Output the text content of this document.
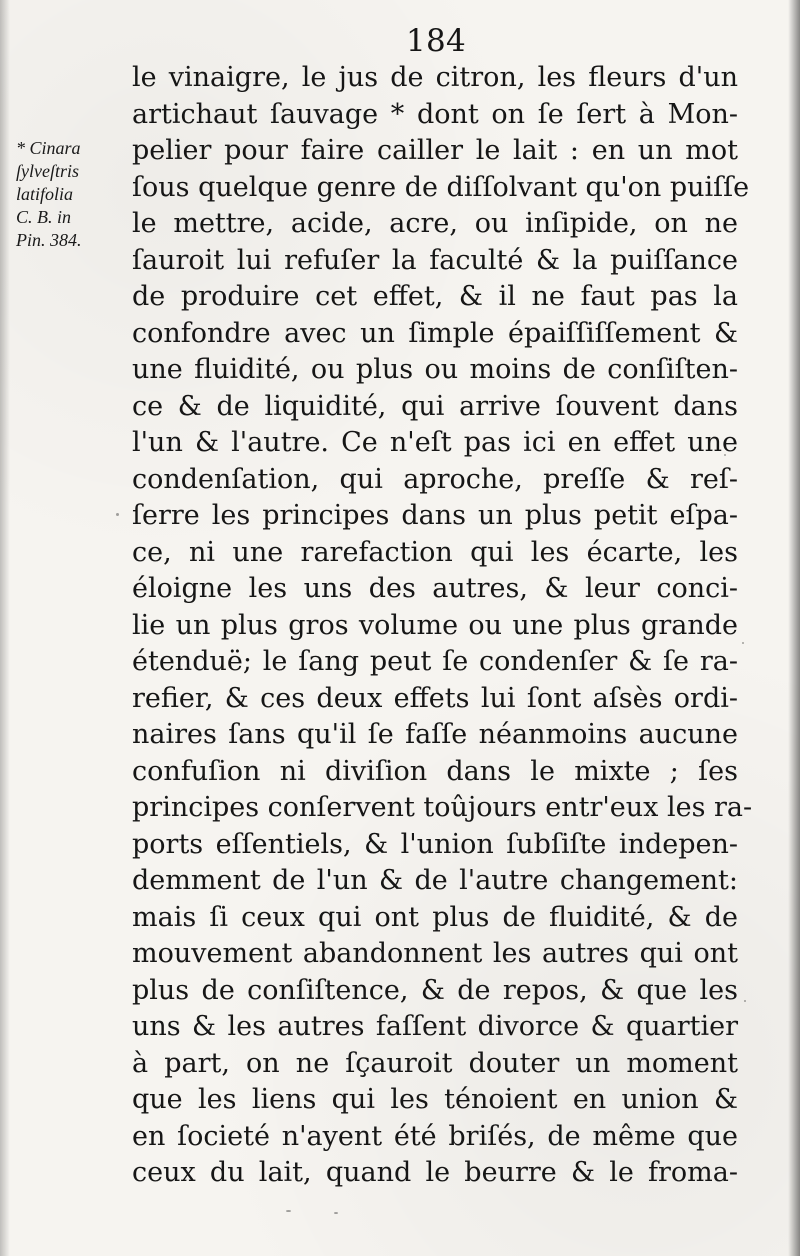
184
* Cinara
ſylveſtris
latifolia
C. B. in
Pin. 384.
le vinaigre, le jus de citron, les fleurs d'un
artichaut ſauvage * dont on ſe ſert à Mon-
pelier pour faire cailler le lait : en un mot
ſous quelque genre de diſſolvant qu'on puiſſe
le mettre, acide, acre, ou inſipide, on ne
ſauroit lui refuſer la faculté & la puiſſance
de produire cet effet, & il ne faut pas la
confondre avec un ſimple épaiſſiſſement &
une fluidité, ou plus ou moins de conſiſten-
ce & de liquidité, qui arrive ſouvent dans
l'un & l'autre. Ce n'eſt pas ici en effet une
condenſation, qui aproche, preſſe & reſ-
ſerre les principes dans un plus petit eſpa-
ce, ni une rarefaction qui les écarte, les
éloigne les uns des autres, & leur conci-
lie un plus gros volume ou une plus grande
étenduë; le ſang peut ſe condenſer & ſe ra-
refier, & ces deux effets lui ſont aſsès ordi-
naires ſans qu'il ſe faſſe néanmoins aucune
confuſion ni diviſion dans le mixte ; ſes
principes conſervent toûjours entr'eux les ra-
ports eſſentiels, & l'union ſubſiſte indepen-
demment de l'un & de l'autre changement:
mais ſi ceux qui ont plus de fluidité, & de
mouvement abandonnent les autres qui ont
plus de conſiſtence, & de repos, & que les
uns & les autres faſſent divorce & quartier
à part, on ne ſçauroit douter un moment
que les liens qui les ténoient en union &
en ſocieté n'ayent été briſés, de même que
ceux du lait, quand le beurre & le froma-
